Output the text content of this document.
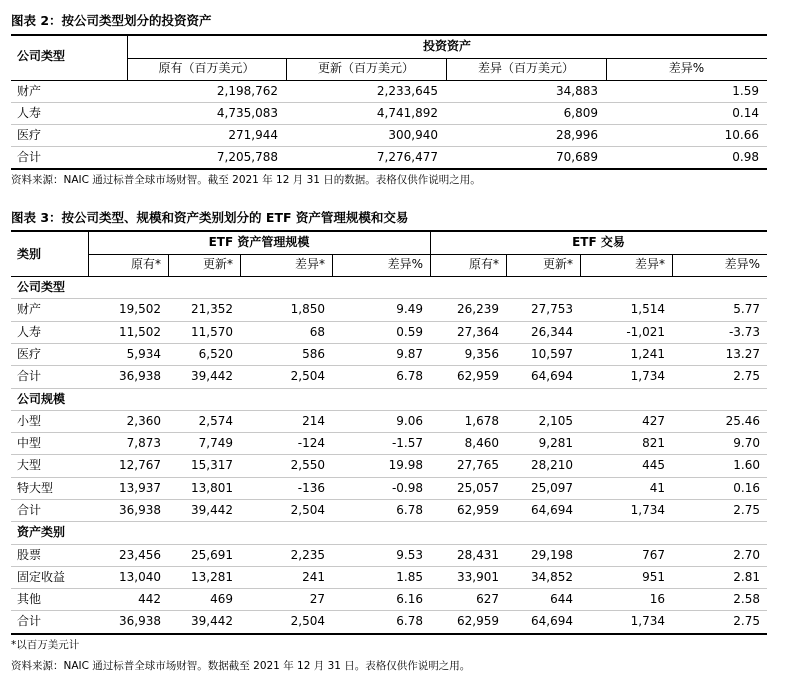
图表 2：按公司类型划分的投资资产
公司类型
投资资产
原有（百万美元）	更新（百万美元）	差异（百万美元）	差异%
财产	2,198,762	2,233,645	34,883	1.59
人寿	4,735,083	4,741,892	6,809	0.14
医疗	271,944	300,940	28,996	10.66
合计	7,205,788	7,276,477	70,689	0.98
资料来源：NAIC 通过标普全球市场财智。截至 2021 年 12 月 31 日的数据。表格仅供作说明之用。
图表 3：按公司类型、规模和资产类别划分的 ETF 资产管理规模和交易
类别
ETF 资产管理规模	ETF 交易
原有*	更新*	差异*	差异%	原有*	更新*	差异*	差异%
公司类型
财产	19,502	21,352	1,850	9.49	26,239	27,753	1,514	5.77
人寿	11,502	11,570	68	0.59	27,364	26,344	-1,021	-3.73
医疗	5,934	6,520	586	9.87	9,356	10,597	1,241	13.27
合计	36,938	39,442	2,504	6.78	62,959	64,694	1,734	2.75
公司规模
小型	2,360	2,574	214	9.06	1,678	2,105	427	25.46
中型	7,873	7,749	-124	-1.57	8,460	9,281	821	9.70
大型	12,767	15,317	2,550	19.98	27,765	28,210	445	1.60
特大型	13,937	13,801	-136	-0.98	25,057	25,097	41	0.16
合计	36,938	39,442	2,504	6.78	62,959	64,694	1,734	2.75
资产类别
股票	23,456	25,691	2,235	9.53	28,431	29,198	767	2.70
固定收益	13,040	13,281	241	1.85	33,901	34,852	951	2.81
其他	442	469	27	6.16	627	644	16	2.58
合计	36,938	39,442	2,504	6.78	62,959	64,694	1,734	2.75
*以百万美元计
资料来源：NAIC 通过标普全球市场财智。数据截至 2021 年 12 月 31 日。表格仅供作说明之用。
